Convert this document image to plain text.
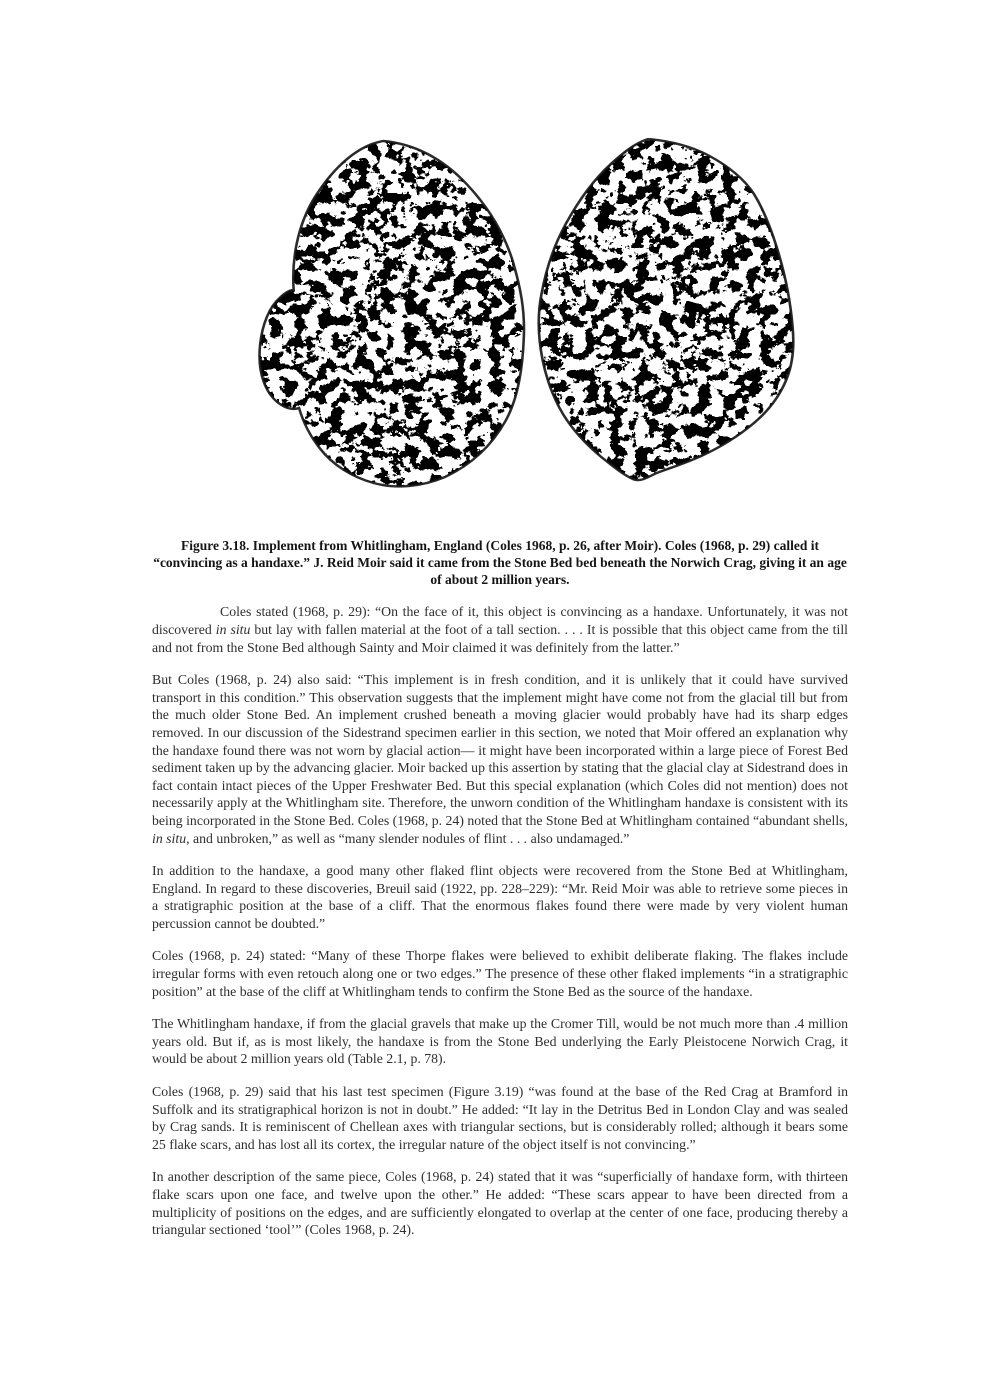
Figure 3.18. Implement from Whitlingham, England (Coles 1968, p. 26, after Moir). Coles (1968, p. 29) called it “convincing as a handaxe.” J. Reid Moir said it came from the Stone Bed bed beneath the Norwich Crag, giving it an age of about 2 million years.

Coles stated (1968, p. 29): “On the face of it, this object is convincing as a handaxe. Unfortunately, it was not discovered in situ but lay with fallen material at the foot of a tall section. . . . It is possible that this object came from the till and not from the Stone Bed although Sainty and Moir claimed it was definitely from the latter.”

But Coles (1968, p. 24) also said: “This implement is in fresh condition, and it is unlikely that it could have survived transport in this condition.” This observation suggests that the implement might have come not from the glacial till but from the much older Stone Bed. An implement crushed beneath a moving glacier would probably have had its sharp edges removed. In our discussion of the Sidestrand specimen earlier in this section, we noted that Moir offered an explanation why the handaxe found there was not worn by glacial action— it might have been incorporated within a large piece of Forest Bed sediment taken up by the advancing glacier. Moir backed up this assertion by stating that the glacial clay at Sidestrand does in fact contain intact pieces of the Upper Freshwater Bed. But this special explanation (which Coles did not mention) does not necessarily apply at the Whitlingham site. Therefore, the unworn condition of the Whitlingham handaxe is consistent with its being incorporated in the Stone Bed. Coles (1968, p. 24) noted that the Stone Bed at Whitlingham contained “abundant shells, in situ, and unbroken,” as well as “many slender nodules of flint . . . also undamaged.”

In addition to the handaxe, a good many other flaked flint objects were recovered from the Stone Bed at Whitlingham, England. In regard to these discoveries, Breuil said (1922, pp. 228–229): “Mr. Reid Moir was able to retrieve some pieces in a stratigraphic position at the base of a cliff. That the enormous flakes found there were made by very violent human percussion cannot be doubted.”

Coles (1968, p. 24) stated: “Many of these Thorpe flakes were believed to exhibit deliberate flaking. The flakes include irregular forms with even retouch along one or two edges.” The presence of these other flaked implements “in a stratigraphic position” at the base of the cliff at Whitlingham tends to confirm the Stone Bed as the source of the handaxe.

The Whitlingham handaxe, if from the glacial gravels that make up the Cromer Till, would be not much more than .4 million years old. But if, as is most likely, the handaxe is from the Stone Bed underlying the Early Pleistocene Norwich Crag, it would be about 2 million years old (Table 2.1, p. 78).

Coles (1968, p. 29) said that his last test specimen (Figure 3.19) “was found at the base of the Red Crag at Bramford in Suffolk and its stratigraphical horizon is not in doubt.” He added: “It lay in the Detritus Bed in London Clay and was sealed by Crag sands. It is reminiscent of Chellean axes with triangular sections, but is considerably rolled; although it bears some 25 flake scars, and has lost all its cortex, the irregular nature of the object itself is not convincing.”

In another description of the same piece, Coles (1968, p. 24) stated that it was “superficially of handaxe form, with thirteen flake scars upon one face, and twelve upon the other.” He added: “These scars appear to have been directed from a multiplicity of positions on the edges, and are sufficiently elongated to overlap at the center of one face, producing thereby a triangular sectioned ‘tool’” (Coles 1968, p. 24).
